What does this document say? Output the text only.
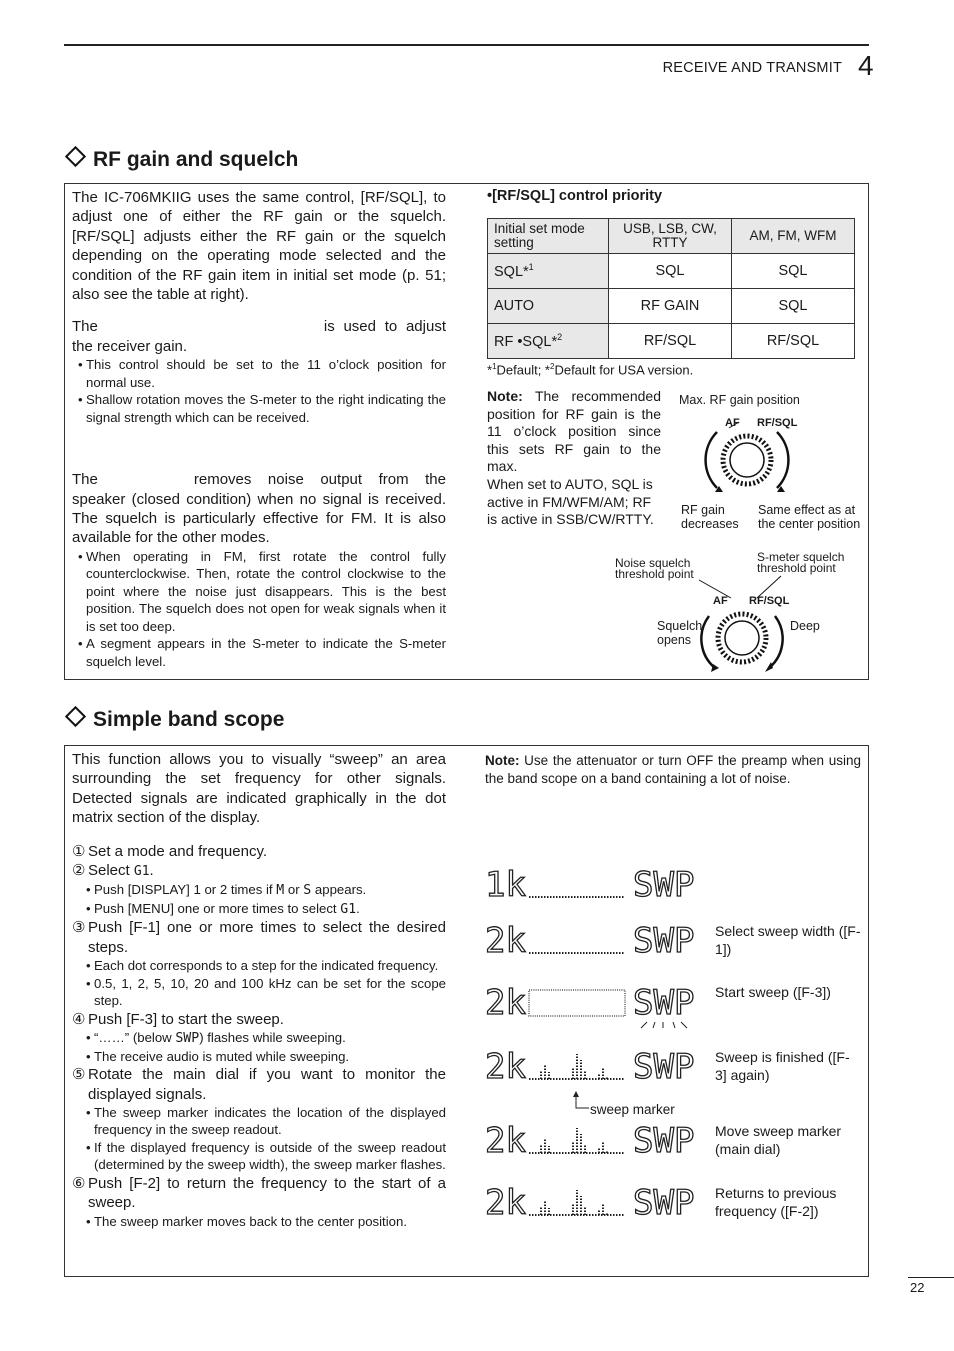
RECEIVE AND TRANSMIT 4
RF gain and squelch

The IC-706MKIIG uses the same control, [RF/SQL], to adjust one of either the RF gain or the squelch. [RF/SQL] adjusts either the RF gain or the squelch depending on the operating mode selected and the condition of the RF gain item in initial set mode (p. 51; also see the table at right).

The	is used to adjust the receiver gain.

• This control should be set to the 11 o’clock position for normal use.
• Shallow rotation moves the S-meter to the right indicating the signal strength which can be received.

The	removes noise output from the speaker (closed condition) when no signal is received. The squelch is particularly effective for FM. It is also available for the other modes.

• When operating in FM, first rotate the control fully counterclockwise. Then, rotate the control clockwise to the point where the noise just disappears. This is the best position. The squelch does not open for weak signals when it is set too deep.
• A segment appears in the S-meter to indicate the S-meter squelch level.
•[RF/SQL] control priority
Initial set mode setting	USB, LSB, CW, RTTY	AM, FM, WFM
SQL*$^1$	SQL	SQL
AUTO	RF GAIN	SQL
RF •SQL*$^2$	RF/SQL	RF/SQL
*$^1$Default; *$^2$Default for USA version.

Note: The recommended position for RF gain is the 11 o’clock position since this sets RF gain to the max.

When set to AUTO, SQL is active in FM/WFM/AM; RF is active in SSB/CW/RTTY.

Max. RF gain position
AF RF/SQL
RF gain decreases
Same effect as at the center position
Noise squelch threshold point
S-meter squelch threshold point
AF RF/SQL
Squelch opens
Deep
Simple band scope

This function allows you to visually “sweep” an area surrounding the set frequency for other signals. Detected signals are indicated graphically in the dot matrix section of the display.

① Set a mode and frequency.
② Select G1.
• Push [DISPLAY] 1 or 2 times if M or S appears.
• Push [MENU] one or more times to select G1.
③ Push [F-1] one or more times to select the desired steps.
• Each dot corresponds to a step for the indicated frequency.
• 0.5, 1, 2, 5, 10, 20 and 100 kHz can be set for the scope step.
④ Push [F-3] to start the sweep.
• “……” (below SWP) flashes while sweeping.
• The receive audio is muted while sweeping.
⑤ Rotate the main dial if you want to monitor the displayed signals.
• The sweep marker indicates the location of the displayed frequency in the sweep readout.
• If the displayed frequency is outside of the sweep readout (determined by the sweep width), the sweep marker flashes.
⑥ Push [F-2] to return the frequency to the start of a sweep.
• The sweep marker moves back to the center position.

Note: Use the attenuator or turn OFF the preamp when using the band scope on a band containing a lot of noise.

1k	SWP
2k	SWP Select sweep width ([F-1])
2k	SWP Start sweep ([F-3])
2k	SWP Sweep is finished ([F-3] again)
sweep marker
2k	SWP Move sweep marker (main dial)
2k	SWP Returns to previous frequency ([F-2])
22
